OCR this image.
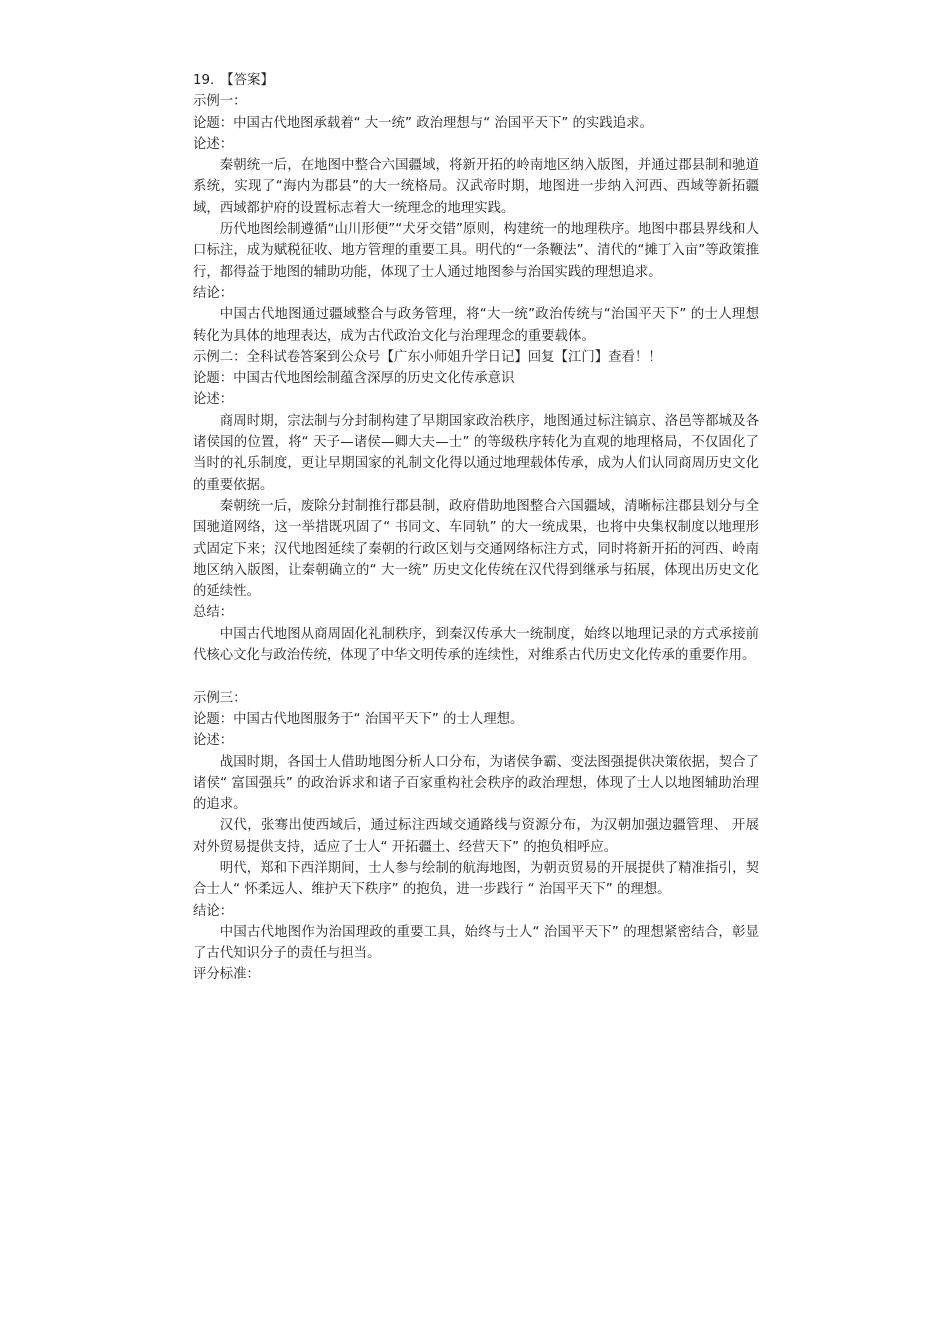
19. 【答案】

示例一：

论题：中国古代地图承载着“ 大一统” 政治理想与“ 治国平天下” 的实践追求。

论述：

秦朝统一后，在地图中整合六国疆域，将新开拓的岭南地区纳入版图，并通过郡县制和驰道系统，实现了“海内为郡县”的大一统格局。汉武帝时期，地图进一步纳入河西、西域等新拓疆域，西域都护府的设置标志着大一统理念的地理实践。

历代地图绘制遵循“山川形便”“犬牙交错”原则，构建统一的地理秩序。地图中郡县界线和人口标注，成为赋税征收、地方管理的重要工具。明代的“一条鞭法”、清代的“摊丁入亩”等政策推行，都得益于地图的辅助功能，体现了士人通过地图参与治国实践的理想追求。

结论：

中国古代地图通过疆域整合与政务管理，将“大一统”政治传统与“治国平天下” 的士人理想转化为具体的地理表达，成为古代政治文化与治理理念的重要载体。

示例二：全科试卷答案到公众号【广东小师姐升学日记】回复【江门】查看！！

论题：中国古代地图绘制蕴含深厚的历史文化传承意识

论述：

商周时期，宗法制与分封制构建了早期国家政治秩序，地图通过标注镐京、洛邑等都城及各诸侯国的位置，将“ 天子—诸侯—卿大夫—士” 的等级秩序转化为直观的地理格局，不仅固化了当时的礼乐制度，更让早期国家的礼制文化得以通过地理载体传承，成为人们认同商周历史文化的重要依据。

秦朝统一后，废除分封制推行郡县制，政府借助地图整合六国疆域，清晰标注郡县划分与全国驰道网络，这一举措既巩固了“ 书同文、车同轨” 的大一统成果，也将中央集权制度以地理形式固定下来；汉代地图延续了秦朝的行政区划与交通网络标注方式，同时将新开拓的河西、岭南地区纳入版图，让秦朝确立的“ 大一统” 历史文化传统在汉代得到继承与拓展，体现出历史文化的延续性。

总结：

中国古代地图从商周固化礼制秩序，到秦汉传承大一统制度，始终以地理记录的方式承接前代核心文化与政治传统，体现了中华文明传承的连续性，对维系古代历史文化传承的重要作用。

示例三：

论题：中国古代地图服务于“ 治国平天下” 的士人理想。

论述：

战国时期，各国士人借助地图分析人口分布，为诸侯争霸、变法图强提供决策依据，契合了诸侯“ 富国强兵” 的政治诉求和诸子百家重构社会秩序的政治理想，体现了士人以地图辅助治理的追求。

汉代，张骞出使西域后，通过标注西域交通路线与资源分布，为汉朝加强边疆管理、 开展对外贸易提供支持，适应了士人“ 开拓疆土、经营天下” 的抱负相呼应。

明代，郑和下西洋期间，士人参与绘制的航海地图，为朝贡贸易的开展提供了精准指引，契合士人“ 怀柔远人、维护天下秩序” 的抱负，进一步践行 “ 治国平天下” 的理想。

结论：

中国古代地图作为治国理政的重要工具，始终与士人“ 治国平天下” 的理想紧密结合，彰显了古代知识分子的责任与担当。

评分标准：
